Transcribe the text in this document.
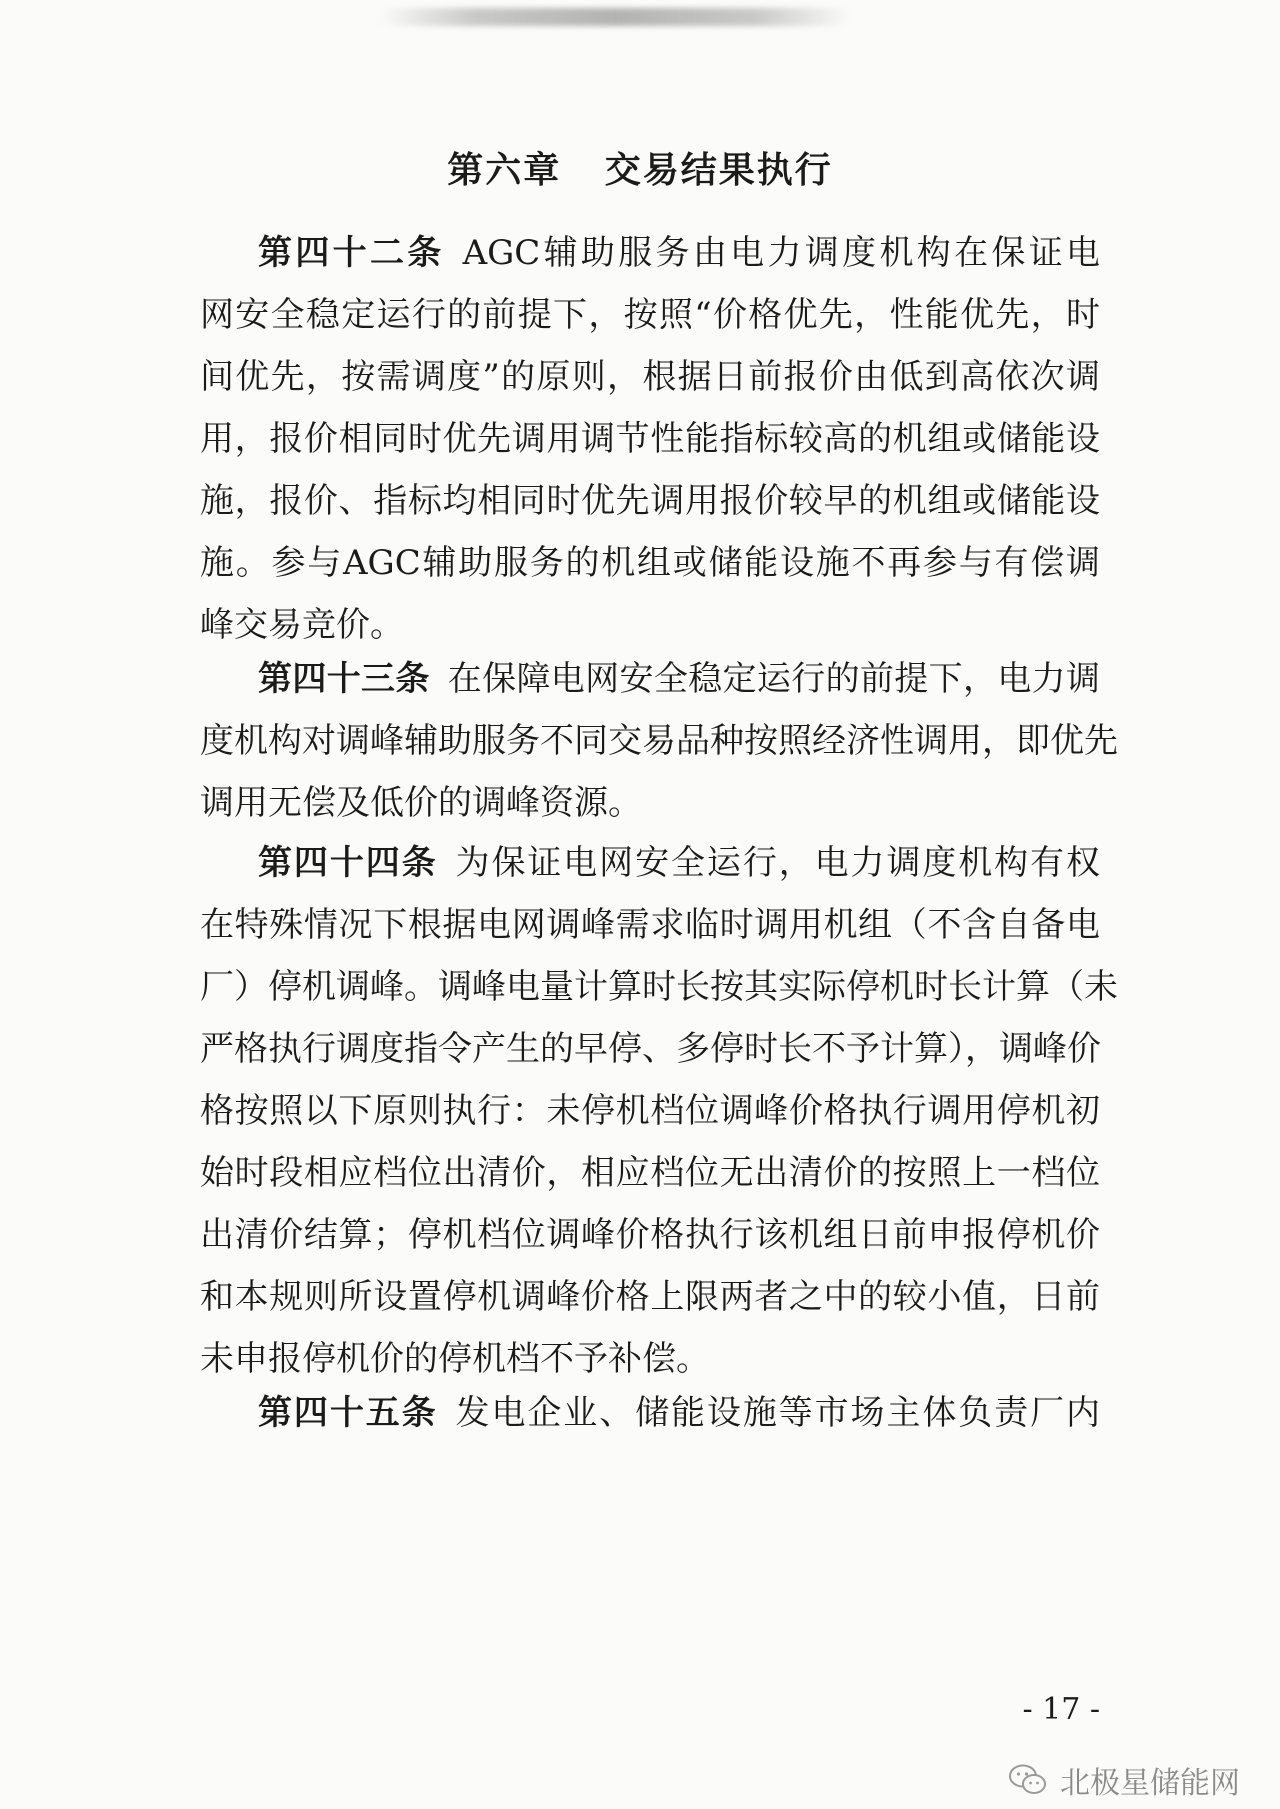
第六章   交易结果执行
第四十二条 AGC辅助服务由电力调度机构在保证电
网安全稳定运行的前提下，按照“价格优先，性能优先，时
间优先，按需调度”的原则，根据日前报价由低到高依次调
用，报价相同时优先调用调节性能指标较高的机组或储能设
施，报价、指标均相同时优先调用报价较早的机组或储能设
施。参与AGC辅助服务的机组或储能设施不再参与有偿调
峰交易竞价。
第四十三条 在保障电网安全稳定运行的前提下，电力调
度机构对调峰辅助服务不同交易品种按照经济性调用，即优先
调用无偿及低价的调峰资源。
第四十四条 为保证电网安全运行，电力调度机构有权
在特殊情况下根据电网调峰需求临时调用机组（不含自备电
厂）停机调峰。调峰电量计算时长按其实际停机时长计算（未
严格执行调度指令产生的早停、多停时长不予计算），调峰价
格按照以下原则执行：未停机档位调峰价格执行调用停机初
始时段相应档位出清价，相应档位无出清价的按照上一档位
出清价结算；停机档位调峰价格执行该机组日前申报停机价
和本规则所设置停机调峰价格上限两者之中的较小值，日前
未申报停机价的停机档不予补偿。
第四十五条 发电企业、储能设施等市场主体负责厂内
- 17 -
北极星储能网
